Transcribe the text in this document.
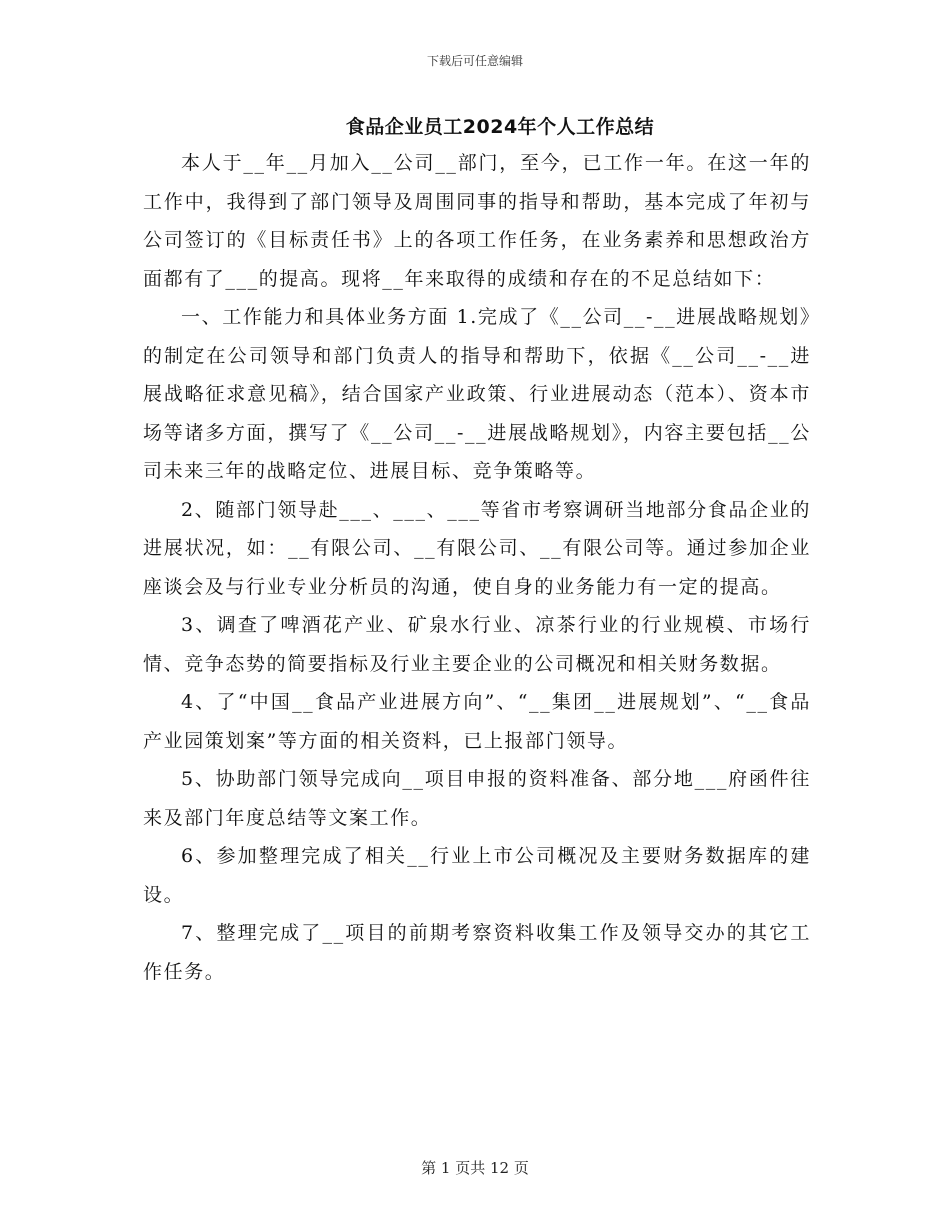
下载后可任意编辑
食品企业员工2024年个人工作总结

本人于__年__月加入__公司__部门，至今，已工作一年。在这一年的工作中，我得到了部门领导及周围同事的指导和帮助，基本完成了年初与公司签订的《目标责任书》上的各项工作任务，在业务素养和思想政治方面都有了___的提高。现将__年来取得的成绩和存在的不足总结如下：

一、工作能力和具体业务方面 1.完成了《__公司__-__进展战略规划》的制定在公司领导和部门负责人的指导和帮助下，依据《__公司__-__进展战略征求意见稿》，结合国家产业政策、行业进展动态（范本）、资本市场等诸多方面，撰写了《__公司__-__进展战略规划》，内容主要包括__公司未来三年的战略定位、进展目标、竞争策略等。

2、随部门领导赴___、___、___等省市考察调研当地部分食品企业的进展状况，如：__有限公司、__有限公司、__有限公司等。通过参加企业座谈会及与行业专业分析员的沟通，使自身的业务能力有一定的提高。

3、调查了啤酒花产业、矿泉水行业、凉茶行业的行业规模、市场行情、竞争态势的简要指标及行业主要企业的公司概况和相关财务数据。

4、了“中国__食品产业进展方向”、“__集团__进展规划”、“__食品产业园策划案”等方面的相关资料，已上报部门领导。

5、协助部门领导完成向__项目申报的资料准备、部分地___府函件往来及部门年度总结等文案工作。

6、参加整理完成了相关__行业上市公司概况及主要财务数据库的建设。

7、整理完成了__项目的前期考察资料收集工作及领导交办的其它工作任务。

第 1 页共 12 页
